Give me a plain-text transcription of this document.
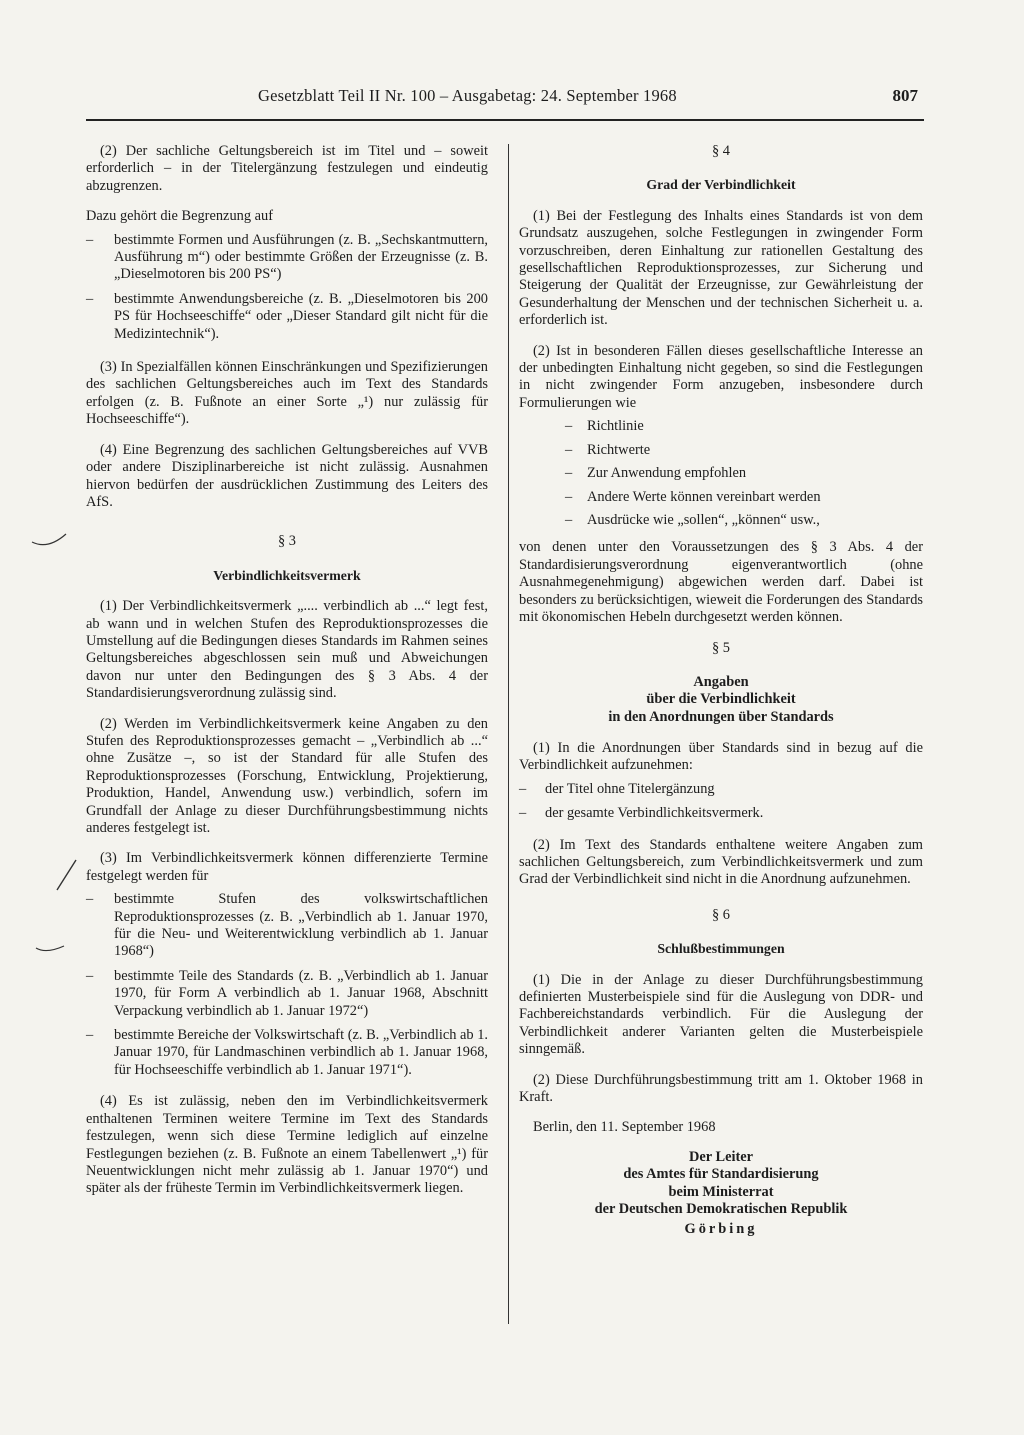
Gesetzblatt Teil II Nr. 100 – Ausgabetag: 24. September 1968	807

(2) Der sachliche Geltungsbereich ist im Titel und – soweit erforderlich – in der Titelergänzung festzulegen und eindeutig abzugrenzen.

Dazu gehört die Begrenzung auf

– bestimmte Formen und Ausführungen (z. B. „Sechskantmuttern, Ausführung m“) oder bestimmte Größen der Erzeugnisse (z. B. „Dieselmotoren bis 200 PS“)
– bestimmte Anwendungsbereiche (z. B. „Dieselmotoren bis 200 PS für Hochseeschiffe“ oder „Dieser Standard gilt nicht für die Medizintechnik“).

(3) In Spezialfällen können Einschränkungen und Spezifizierungen des sachlichen Geltungsbereiches auch im Text des Standards erfolgen (z. B. Fußnote an einer Sorte „¹) nur zulässig für Hochseeschiffe“).

(4) Eine Begrenzung des sachlichen Geltungsbereiches auf VVB oder andere Disziplinarbereiche ist nicht zulässig. Ausnahmen hiervon bedürfen der ausdrücklichen Zustimmung des Leiters des AfS.

§ 3
Verbindlichkeitsvermerk

(1) Der Verbindlichkeitsvermerk „.... verbindlich ab ...“ legt fest, ab wann und in welchen Stufen des Reproduktionsprozesses die Umstellung auf die Bedingungen dieses Standards im Rahmen seines Geltungsbereiches abgeschlossen sein muß und Abweichungen davon nur unter den Bedingungen des § 3 Abs. 4 der Standardisierungsverordnung zulässig sind.

(2) Werden im Verbindlichkeitsvermerk keine Angaben zu den Stufen des Reproduktionsprozesses gemacht – „Verbindlich ab ...“ ohne Zusätze –, so ist der Standard für alle Stufen des Reproduktionsprozesses (Forschung, Entwicklung, Projektierung, Produktion, Handel, Anwendung usw.) verbindlich, sofern im Grundfall der Anlage zu dieser Durchführungsbestimmung nichts anderes festgelegt ist.

(3) Im Verbindlichkeitsvermerk können differenzierte Termine festgelegt werden für

– bestimmte Stufen des volkswirtschaftlichen Reproduktionsprozesses (z. B. „Verbindlich ab 1. Januar 1970, für die Neu- und Weiterentwicklung verbindlich ab 1. Januar 1968“)
– bestimmte Teile des Standards (z. B. „Verbindlich ab 1. Januar 1970, für Form A verbindlich ab 1. Januar 1968, Abschnitt Verpackung verbindlich ab 1. Januar 1972“)
– bestimmte Bereiche der Volkswirtschaft (z. B. „Verbindlich ab 1. Januar 1970, für Landmaschinen verbindlich ab 1. Januar 1968, für Hochseeschiffe verbindlich ab 1. Januar 1971“).

(4) Es ist zulässig, neben den im Verbindlichkeitsvermerk enthaltenen Terminen weitere Termine im Text des Standards festzulegen, wenn sich diese Termine lediglich auf einzelne Festlegungen beziehen (z. B. Fußnote an einem Tabellenwert „¹) für Neuentwicklungen nicht mehr zulässig ab 1. Januar 1970“) und später als der früheste Termin im Verbindlichkeitsvermerk liegen.

§ 4
Grad der Verbindlichkeit

(1) Bei der Festlegung des Inhalts eines Standards ist von dem Grundsatz auszugehen, solche Festlegungen in zwingender Form vorzuschreiben, deren Einhaltung zur rationellen Gestaltung des gesellschaftlichen Reproduktionsprozesses, zur Sicherung und Steigerung der Qualität der Erzeugnisse, zur Gewährleistung der Gesunderhaltung der Menschen und der technischen Sicherheit u. a. erforderlich ist.

(2) Ist in besonderen Fällen dieses gesellschaftliche Interesse an der unbedingten Einhaltung nicht gegeben, so sind die Festlegungen in nicht zwingender Form anzugeben, insbesondere durch Formulierungen wie

– Richtlinie
– Richtwerte
– Zur Anwendung empfohlen
– Andere Werte können vereinbart werden
– Ausdrücke wie „sollen“, „können“ usw.,

von denen unter den Voraussetzungen des § 3 Abs. 4 der Standardisierungsverordnung eigenverantwortlich (ohne Ausnahmegenehmigung) abgewichen werden darf. Dabei ist besonders zu berücksichtigen, wieweit die Forderungen des Standards mit ökonomischen Hebeln durchgesetzt werden können.

§ 5
Angaben
über die Verbindlichkeit
in den Anordnungen über Standards

(1) In die Anordnungen über Standards sind in bezug auf die Verbindlichkeit aufzunehmen:

– der Titel ohne Titelergänzung
– der gesamte Verbindlichkeitsvermerk.

(2) Im Text des Standards enthaltene weitere Angaben zum sachlichen Geltungsbereich, zum Verbindlichkeitsvermerk und zum Grad der Verbindlichkeit sind nicht in die Anordnung aufzunehmen.

§ 6
Schlußbestimmungen

(1) Die in der Anlage zu dieser Durchführungsbestimmung definierten Musterbeispiele sind für die Auslegung von DDR- und Fachbereichstandards verbindlich. Für die Auslegung der Verbindlichkeit anderer Varianten gelten die Musterbeispiele sinngemäß.

(2) Diese Durchführungsbestimmung tritt am 1. Oktober 1968 in Kraft.

Berlin, den 11. September 1968

Der Leiter
des Amtes für Standardisierung
beim Ministerrat
der Deutschen Demokratischen Republik
Görbing
